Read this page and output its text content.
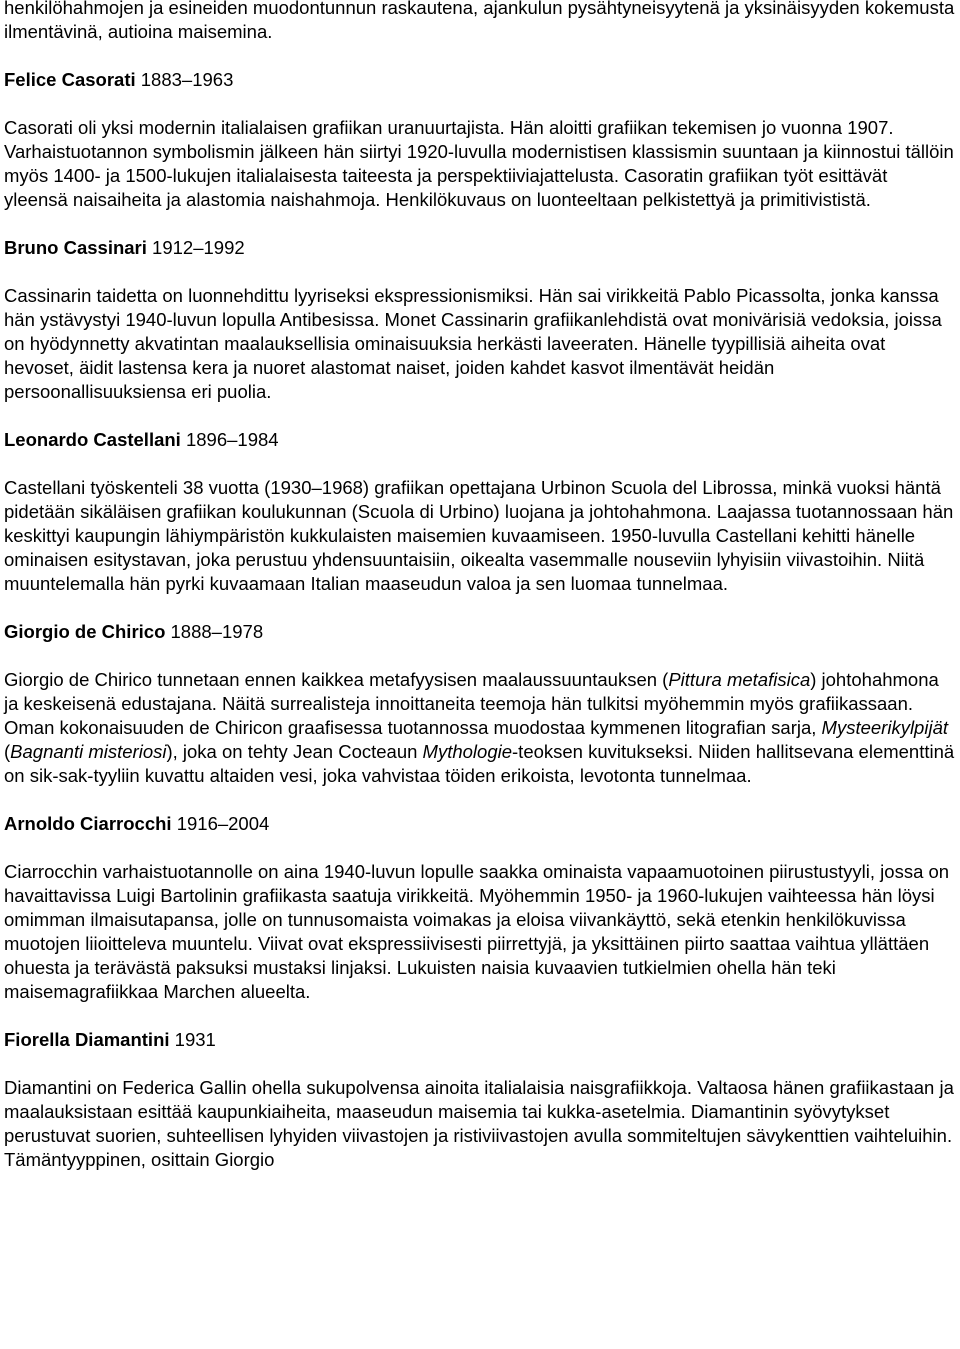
henkilöhahmojen ja esineiden muodontunnun raskautena, ajankulun pysähtyneisyytenä ja yksinäisyyden kokemusta ilmentävinä, autioina maisemina.

Felice Casorati 1883–1963

Casorati oli yksi modernin italialaisen grafiikan uranuurtajista. Hän aloitti grafiikan tekemisen jo vuonna 1907. Varhaistuotannon symbolismin jälkeen hän siirtyi 1920-luvulla modernistisen klassismin suuntaan ja kiinnostui tällöin myös 1400- ja 1500-lukujen italialaisesta taiteesta ja perspektiiviajattelusta. Casoratin grafiikan työt esittävät yleensä naisaiheita ja alastomia naishahmoja. Henkilökuvaus on luonteeltaan pelkistettyä ja primitivististä.

Bruno Cassinari 1912–1992

Cassinarin taidetta on luonnehdittu lyyriseksi ekspressionismiksi. Hän sai virikkeitä Pablo Picassolta, jonka kanssa hän ystävystyi 1940-luvun lopulla Antibesissa. Monet Cassinarin grafiikanlehdistä ovat monivärisiä vedoksia, joissa on hyödynnetty akvatintan maalauksellisia ominaisuuksia herkästi laveeraten. Hänelle tyypillisiä aiheita ovat hevoset, äidit lastensa kera ja nuoret alastomat naiset, joiden kahdet kasvot ilmentävät heidän persoonallisuuksiensa eri puolia.

Leonardo Castellani 1896–1984

Castellani työskenteli 38 vuotta (1930–1968) grafiikan opettajana Urbinon Scuola del Librossa, minkä vuoksi häntä pidetään sikäläisen grafiikan koulukunnan (Scuola di Urbino) luojana ja johtohahmona. Laajassa tuotannossaan hän keskittyi kaupungin lähiympäristön kukkulaisten maisemien kuvaamiseen. 1950-luvulla Castellani kehitti hänelle ominaisen esitystavan, joka perustuu yhdensuuntaisiin, oikealta vasemmalle nouseviin lyhyisiin viivastoihin. Niitä muuntelemalla hän pyrki kuvaamaan Italian maaseudun valoa ja sen luomaa tunnelmaa.

Giorgio de Chirico 1888–1978

Giorgio de Chirico tunnetaan ennen kaikkea metafyysisen maalaussuuntauksen (Pittura metafisica) johtohahmona ja keskeisenä edustajana. Näitä surrealisteja innoittaneita teemoja hän tulkitsi myöhemmin myös grafiikassaan. Oman kokonaisuuden de Chiricon graafisessa tuotannossa muodostaa kymmenen litografian sarja, Mysteerikylpijät (Bagnanti misteriosi), joka on tehty Jean Cocteaun Mythologie-teoksen kuvitukseksi. Niiden hallitsevana elementtinä on sik-sak-tyyliin kuvattu altaiden vesi, joka vahvistaa töiden erikoista, levotonta tunnelmaa.

Arnoldo Ciarrocchi 1916–2004

Ciarrocchin varhaistuotannolle on aina 1940-luvun lopulle saakka ominaista vapaamuotoinen piirustustyyli, jossa on havaittavissa Luigi Bartolinin grafiikasta saatuja virikkeitä. Myöhemmin 1950- ja 1960-lukujen vaihteessa hän löysi omimman ilmaisutapansa, jolle on tunnusomaista voimakas ja eloisa viivankäyttö, sekä etenkin henkilökuvissa muotojen liioitteleva muuntelu. Viivat ovat ekspressiivisesti piirrettyjä, ja yksittäinen piirto saattaa vaihtua yllättäen ohuesta ja terävästä paksuksi mustaksi linjaksi. Lukuisten naisia kuvaavien tutkielmien ohella hän teki maisemagrafiikkaa Marchen alueelta.

Fiorella Diamantini 1931

Diamantini on Federica Gallin ohella sukupolvensa ainoita italialaisia naisgrafiikkoja. Valtaosa hänen grafiikastaan ja maalauksistaan esittää kaupunkiaiheita, maaseudun maisemia tai kukka-asetelmia. Diamantinin syövytykset perustuvat suorien, suhteellisen lyhyiden viivastojen ja ristiviivastojen avulla sommiteltujen sävykenttien vaihteluihin. Tämäntyyppinen, osittain Giorgio
